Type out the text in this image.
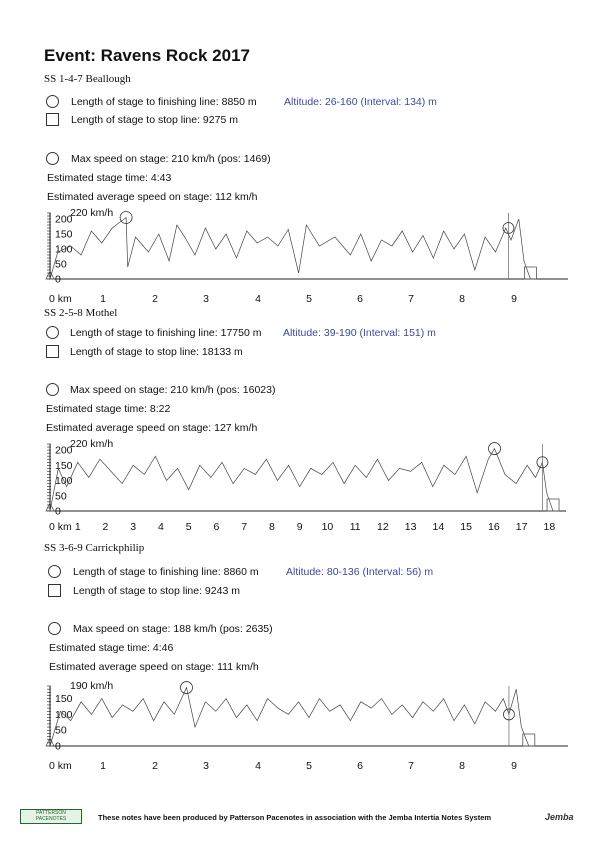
Event: Ravens Rock 2017
SS 1-4-7 Beallough
Length of stage to finishing line: 8850 m	Altitude: 26-160 (Interval: 134) m
Length of stage to stop line: 9275 m
Max speed on stage: 210 km/h (pos: 1469)
Estimated stage time: 4:43
Estimated average speed on stage: 112 km/h
0
50
100
150
200
220 km/h
0 km	1	2	3	4	5	6	7	8	9
SS 2-5-8 Mothel
Length of stage to finishing line: 17750 m Altitude: 39-190 (Interval: 151) m
Length of stage to stop line: 18133 m
Max speed on stage: 210 km/h (pos: 16023)
Estimated stage time: 8:22
Estimated average speed on stage: 127 km/h
0
50
100
150
200
220 km/h
0 km 1 2 3 4 5 6 7 8 9 10 11 12 13 14 15 16 17 18
SS 3-6-9 Carrickphilip
Length of stage to finishing line: 8860 m	Altitude: 80-136 (Interval: 56) m
Length of stage to stop line: 9243 m
Max speed on stage: 188 km/h (pos: 2635)
Estimated stage time: 4:46
Estimated average speed on stage: 111 km/h
0
50
100
150
190 km/h
0 km	1	2	3	4	5	6	7	8	9
PATTERSON PACENOTES	These notes have been produced by Patterson Pacenotes in association with the Jemba Intertia Notes System	Jemba
